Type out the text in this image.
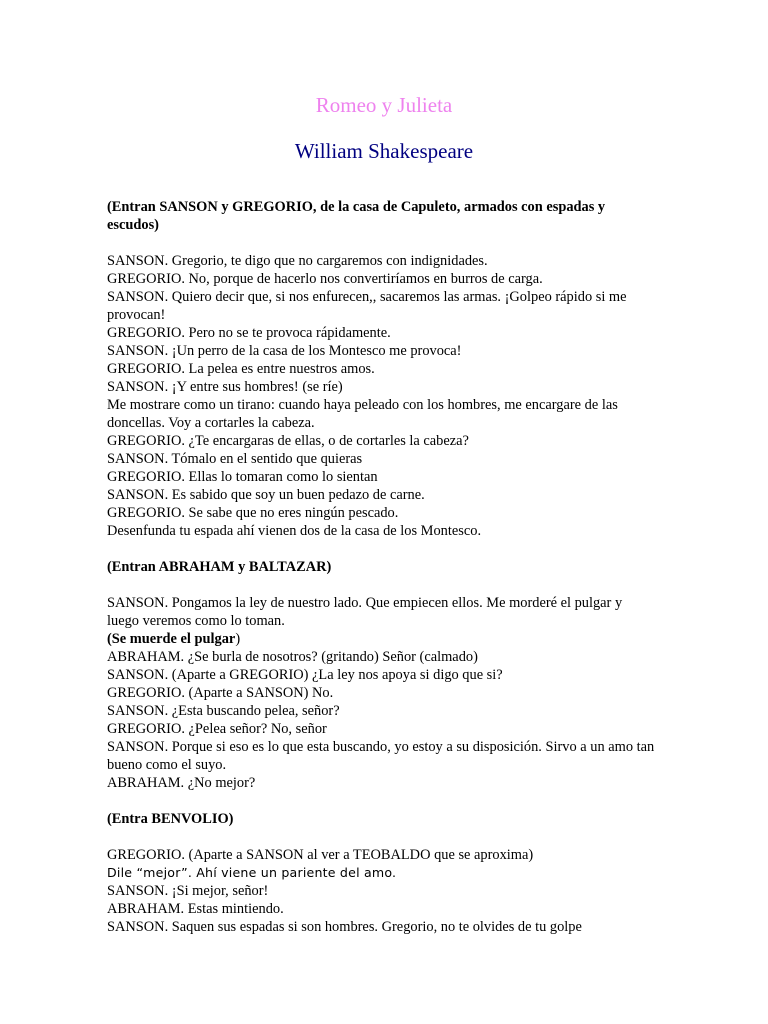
Romeo y Julieta
William Shakespeare

(Entran SANSON y GREGORIO, de la casa de Capuleto, armados con espadas y escudos)

SANSON. Gregorio, te digo que no cargaremos con indignidades.

GREGORIO. No, porque de hacerlo nos convertiríamos en burros de carga.

SANSON. Quiero decir que, si nos enfurecen,, sacaremos las armas. ¡Golpeo rápido si me provocan!

GREGORIO. Pero no se te provoca rápidamente.

SANSON. ¡Un perro de la casa de los Montesco me provoca!

GREGORIO. La pelea es entre nuestros amos.

SANSON. ¡Y entre sus hombres! (se ríe)

Me mostrare como un tirano: cuando haya peleado con los hombres, me encargare de las doncellas. Voy a cortarles la cabeza.

GREGORIO. ¿Te encargaras de ellas, o de cortarles la cabeza?

SANSON. Tómalo en el sentido que quieras

GREGORIO. Ellas lo tomaran como lo sientan

SANSON. Es sabido que soy un buen pedazo de carne.

GREGORIO. Se sabe que no eres ningún pescado.

Desenfunda tu espada ahí vienen dos de la casa de los Montesco.

(Entran ABRAHAM y BALTAZAR)

SANSON. Pongamos la ley de nuestro lado. Que empiecen ellos. Me morderé el pulgar y luego veremos como lo toman.

(Se muerde el pulgar)

ABRAHAM. ¿Se burla de nosotros? (gritando) Señor (calmado)

SANSON. (Aparte a GREGORIO) ¿La ley nos apoya si digo que si?

GREGORIO. (Aparte a SANSON) No.

SANSON. ¿Esta buscando pelea, señor?

GREGORIO. ¿Pelea señor? No, señor

SANSON. Porque si eso es lo que esta buscando, yo estoy a su disposición. Sirvo a un amo tan bueno como el suyo.

ABRAHAM. ¿No mejor?

(Entra BENVOLIO)

GREGORIO. (Aparte a SANSON al ver a TEOBALDO que se aproxima)

Dile “mejor”. Ahí viene un pariente del amo.

SANSON. ¡Si mejor, señor!

ABRAHAM. Estas mintiendo.

SANSON. Saquen sus espadas si son hombres. Gregorio, no te olvides de tu golpe
